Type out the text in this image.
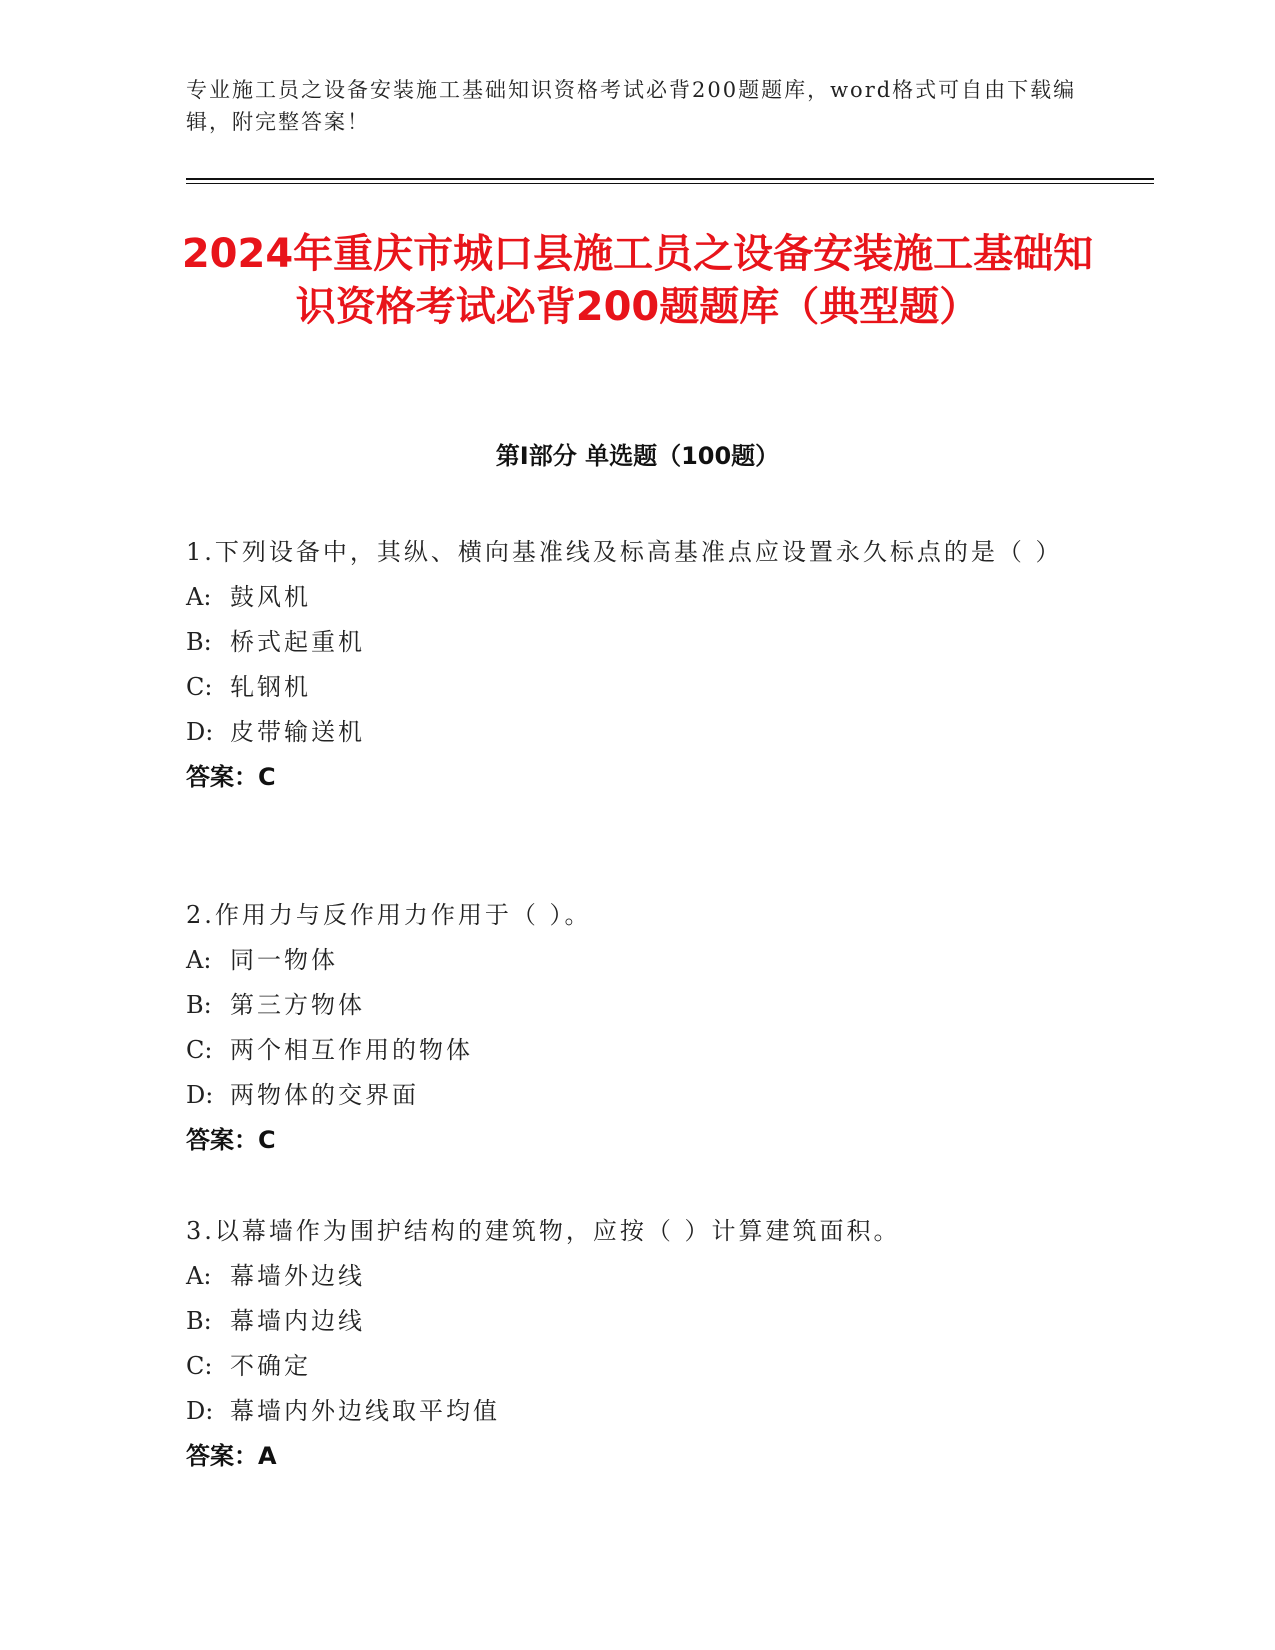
专业施工员之设备安装施工基础知识资格考试必背200题题库，word格式可自由下载编辑，附完整答案！
2024年重庆市城口县施工员之设备安装施工基础知识资格考试必背200题题库（典型题）
第Ⅰ部分 单选题（100题）
1.下列设备中，其纵、横向基准线及标高基准点应设置永久标点的是（ ）
A: 鼓风机
B: 桥式起重机
C: 轧钢机
D: 皮带输送机
答案：C
2.作用力与反作用力作用于（ ）。
A: 同一物体
B: 第三方物体
C: 两个相互作用的物体
D: 两物体的交界面
答案：C
3.以幕墙作为围护结构的建筑物，应按（ ）计算建筑面积。
A: 幕墙外边线
B: 幕墙内边线
C: 不确定
D: 幕墙内外边线取平均值
答案：A
